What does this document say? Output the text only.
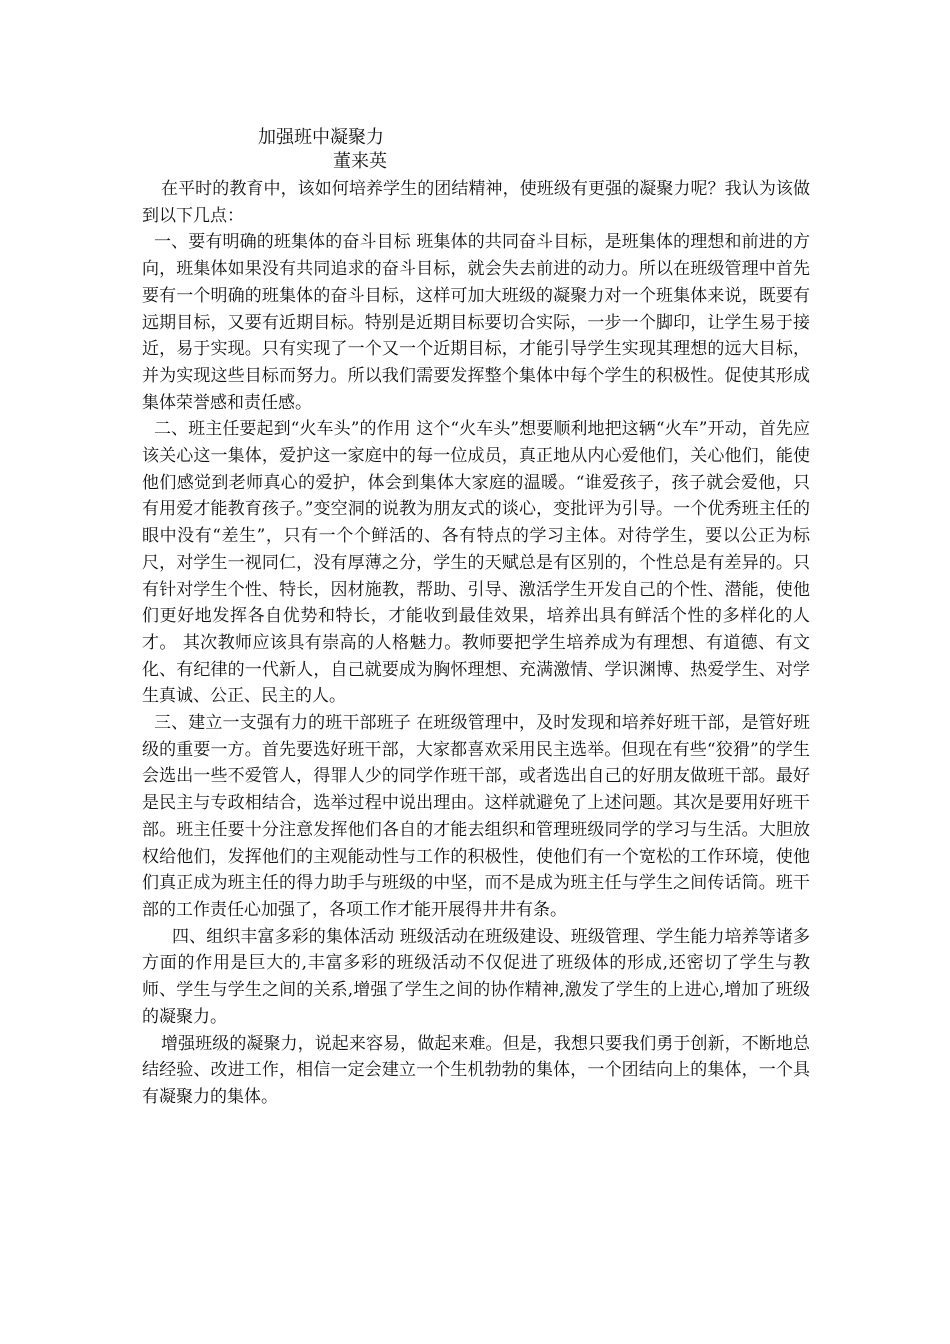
加强班中凝聚力
董来英

在平时的教育中，该如何培养学生的团结精神，使班级有更强的凝聚力呢？我认为该做到以下几点：

一、要有明确的班集体的奋斗目标 班集体的共同奋斗目标，是班集体的理想和前进的方向，班集体如果没有共同追求的奋斗目标，就会失去前进的动力。所以在班级管理中首先要有一个明确的班集体的奋斗目标，这样可加大班级的凝聚力对一个班集体来说，既要有远期目标，又要有近期目标。特别是近期目标要切合实际，一步一个脚印，让学生易于接近，易于实现。只有实现了一个又一个近期目标，才能引导学生实现其理想的远大目标，并为实现这些目标而努力。所以我们需要发挥整个集体中每个学生的积极性。促使其形成集体荣誉感和责任感。

二、班主任要起到“火车头”的作用 这个“火车头”想要顺利地把这辆“火车”开动，首先应该关心这一集体，爱护这一家庭中的每一位成员，真正地从内心爱他们，关心他们，能使他们感觉到老师真心的爱护，体会到集体大家庭的温暖。“谁爱孩子，孩子就会爱他，只有用爱才能教育孩子。”变空洞的说教为朋友式的谈心，变批评为引导。一个优秀班主任的眼中没有“差生”，只有一个个鲜活的、各有特点的学习主体。对待学生，要以公正为标尺，对学生一视同仁，没有厚薄之分，学生的天赋总是有区别的，个性总是有差异的。只有针对学生个性、特长，因材施教，帮助、引导、激活学生开发自己的个性、潜能，使他们更好地发挥各自优势和特长，才能收到最佳效果，培养出具有鲜活个性的多样化的人才。 其次教师应该具有崇高的人格魅力。教师要把学生培养成为有理想、有道德、有文化、有纪律的一代新人，自己就要成为胸怀理想、充满激情、学识渊博、热爱学生、对学生真诚、公正、民主的人。

三、建立一支强有力的班干部班子 在班级管理中，及时发现和培养好班干部，是管好班级的重要一方。首先要选好班干部，大家都喜欢采用民主选举。但现在有些“狡猾”的学生会选出一些不爱管人，得罪人少的同学作班干部，或者选出自己的好朋友做班干部。最好是民主与专政相结合，选举过程中说出理由。这样就避免了上述问题。其次是要用好班干部。班主任要十分注意发挥他们各自的才能去组织和管理班级同学的学习与生活。大胆放权给他们，发挥他们的主观能动性与工作的积极性，使他们有一个宽松的工作环境，使他们真正成为班主任的得力助手与班级的中坚，而不是成为班主任与学生之间传话筒。班干部的工作责任心加强了，各项工作才能开展得井井有条。

四、组织丰富多彩的集体活动 班级活动在班级建设、班级管理、学生能力培养等诸多方面的作用是巨大的,丰富多彩的班级活动不仅促进了班级体的形成,还密切了学生与教师、学生与学生之间的关系,增强了学生之间的协作精神,激发了学生的上进心,增加了班级的凝聚力。

增强班级的凝聚力，说起来容易，做起来难。但是，我想只要我们勇于创新，不断地总结经验、改进工作，相信一定会建立一个生机勃勃的集体，一个团结向上的集体，一个具有凝聚力的集体。
